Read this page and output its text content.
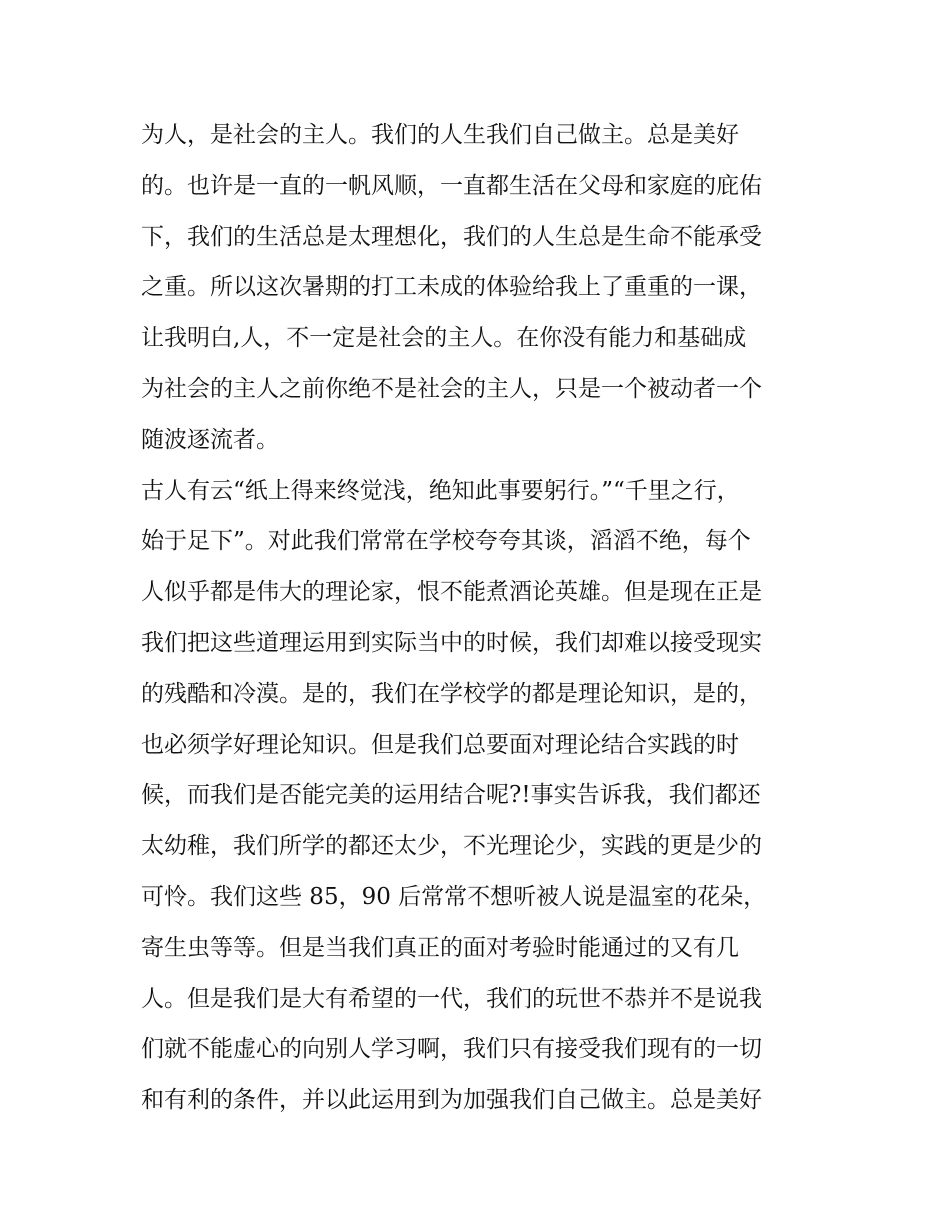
为人，是社会的主人。我们的人生我们自己做主。总是美好
的。也许是一直的一帆风顺，一直都生活在父母和家庭的庇佑
下，我们的生活总是太理想化，我们的人生总是生命不能承受
之重。所以这次暑期的打工未成的体验给我上了重重的一课，
让我明白,人，不一定是社会的主人。在你没有能力和基础成
为社会的主人之前你绝不是社会的主人，只是一个被动者一个
随波逐流者。
古人有云“纸上得来终觉浅，绝知此事要躬行。”“千里之行，
始于足下”。对此我们常常在学校夸夸其谈，滔滔不绝，每个
人似乎都是伟大的理论家，恨不能煮酒论英雄。但是现在正是
我们把这些道理运用到实际当中的时候，我们却难以接受现实
的残酷和冷漠。是的，我们在学校学的都是理论知识，是的，
也必须学好理论知识。但是我们总要面对理论结合实践的时
候，而我们是否能完美的运用结合呢?!事实告诉我，我们都还
太幼稚，我们所学的都还太少，不光理论少，实践的更是少的
可怜。我们这些 85，90 后常常不想听被人说是温室的花朵，
寄生虫等等。但是当我们真正的面对考验时能通过的又有几
人。但是我们是大有希望的一代，我们的玩世不恭并不是说我
们就不能虚心的向别人学习啊，我们只有接受我们现有的一切
和有利的条件，并以此运用到为加强我们自己做主。总是美好
